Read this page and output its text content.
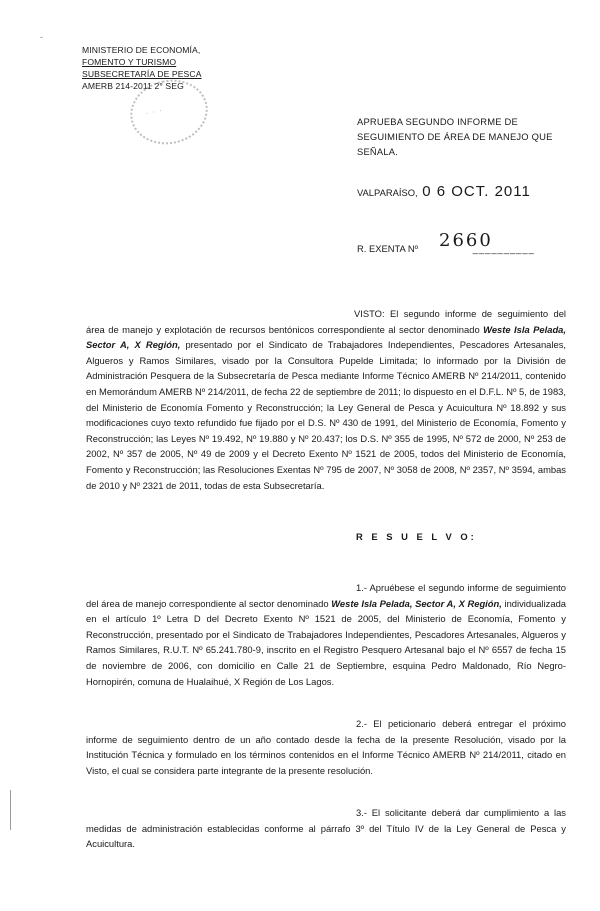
-
MINISTERIO DE ECONOMÍA,
FOMENTO Y TURISMO
SUBSECRETARÍA DE PESCA
AMERB 214-2011 2° SEG
· · ·
APRUEBA SEGUNDO INFORME DE SEGUIMIENTO DE ÁREA DE MANEJO QUE SEÑALA.
VALPARAÍSO, 0 6 OCT. 2011
R. EXENTA Nº 2660
__________
VISTO: El segundo informe de seguimiento del área de manejo y explotación de recursos bentónicos correspondiente al sector denominado Weste Isla Pelada, Sector A, X Región, presentado por el Sindicato de Trabajadores Independientes, Pescadores Artesanales, Algueros y Ramos Similares, visado por la Consultora Pupelde Limitada; lo informado por la División de Administración Pesquera de la Subsecretaría de Pesca mediante Informe Técnico AMERB Nº 214/2011, contenido en Memorándum AMERB Nº 214/2011, de fecha 22 de septiembre de 2011; lo dispuesto en el D.F.L. Nº 5, de 1983, del Ministerio de Economía Fomento y Reconstrucción; la Ley General de Pesca y Acuicultura Nº 18.892 y sus modificaciones cuyo texto refundido fue fijado por el D.S. Nº 430 de 1991, del Ministerio de Economía, Fomento y Reconstrucción; las Leyes Nº 19.492, Nº 19.880 y Nº 20.437; los D.S. Nº 355 de 1995, Nº 572 de 2000, Nº 253 de 2002, Nº 357 de 2005, Nº 49 de 2009 y el Decreto Exento Nº 1521 de 2005, todos del Ministerio de Economía, Fomento y Reconstrucción; las Resoluciones Exentas Nº 795 de 2007, Nº 3058 de 2008, Nº 2357, Nº 3594, ambas de 2010 y Nº 2321 de 2011, todas de esta Subsecretaría.
R E S U E L V O:
1.- Apruébese el segundo informe de seguimiento del área de manejo correspondiente al sector denominado Weste Isla Pelada, Sector A, X Región, individualizada en el artículo 1º Letra D del Decreto Exento Nº 1521 de 2005, del Ministerio de Economía, Fomento y Reconstrucción, presentado por el Sindicato de Trabajadores Independientes, Pescadores Artesanales, Algueros y Ramos Similares, R.U.T. Nº 65.241.780-9, inscrito en el Registro Pesquero Artesanal bajo el Nº 6557 de fecha 15 de noviembre de 2006, con domicilio en Calle 21 de Septiembre, esquina Pedro Maldonado, Río Negro-Hornopirén, comuna de Hualaihué, X Región de Los Lagos.
2.- El peticionario deberá entregar el próximo informe de seguimiento dentro de un año contado desde la fecha de la presente Resolución, visado por la Institución Técnica y formulado en los términos contenidos en el Informe Técnico AMERB Nº 214/2011, citado en Visto, el cual se considera parte integrante de la presente resolución.
3.- El solicitante deberá dar cumplimiento a las medidas de administración establecidas conforme al párrafo 3º del Título IV de la Ley General de Pesca y Acuicultura.
